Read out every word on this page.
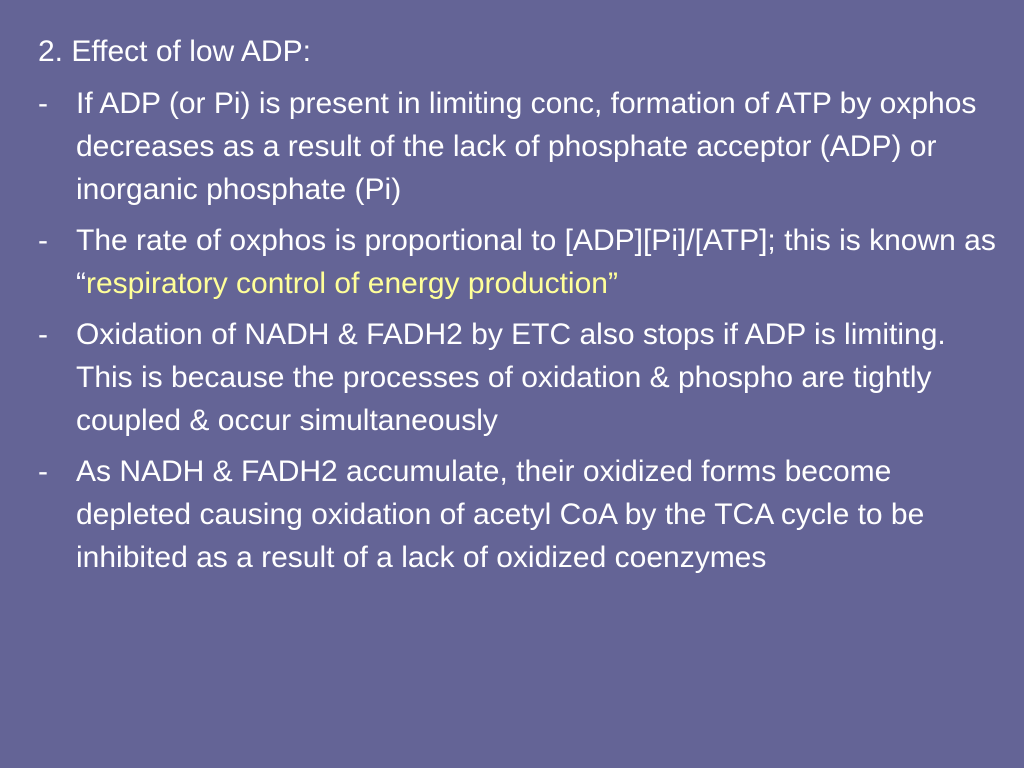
2. Effect of low ADP:
- If ADP (or Pi) is present in limiting conc, formation of ATP by oxphos decreases as a result of the lack of phosphate acceptor (ADP) or inorganic phosphate (Pi)
- The rate of oxphos is proportional to [ADP][Pi]/[ATP]; this is known as “respiratory control of energy production”
- Oxidation of NADH & FADH2 by ETC also stops if ADP is limiting. This is because the processes of oxidation & phospho are tightly coupled & occur simultaneously
- As NADH & FADH2 accumulate, their oxidized forms become depleted causing oxidation of acetyl CoA by the TCA cycle to be inhibited as a result of a lack of oxidized coenzymes
